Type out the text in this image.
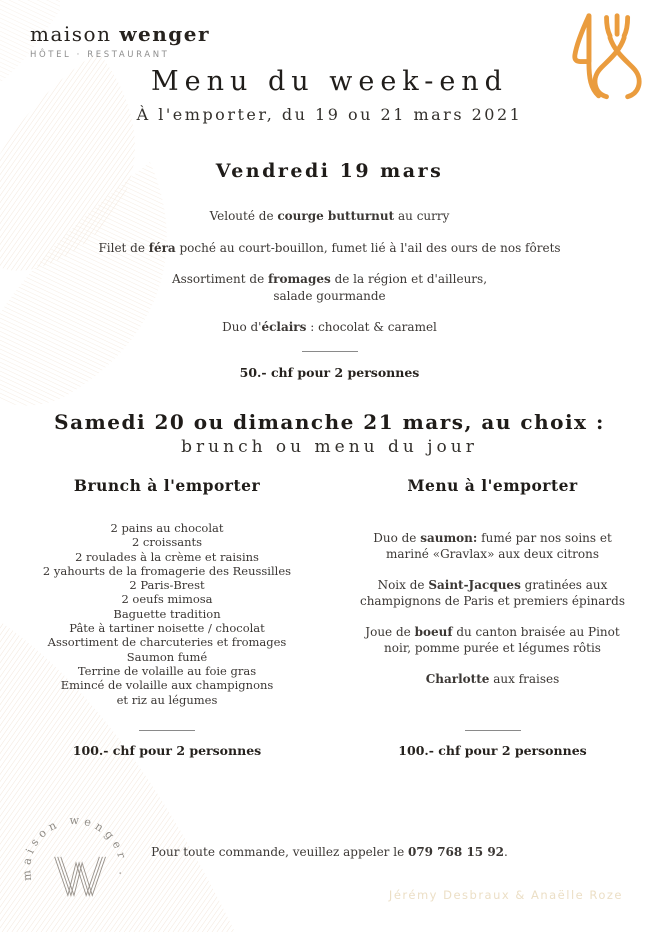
maison wenger
HÔTEL · RESTAURANT
Menu du week-end
À l'emporter, du 19 ou 21 mars 2021
Vendredi 19 mars

Velouté de courge butturnut au curry

Filet de féra poché au court-bouillon, fumet lié à l'ail des ours de nos fôrets

Assortiment de fromages de la région et d'ailleurs,
salade gourmande

Duo d'éclairs : chocolat & caramel

50.- chf pour 2 personnes
Samedi 20 ou dimanche 21 mars, au choix :
brunch ou menu du jour
Brunch à l'emporter
2 pains au chocolat
2 croissants
2 roulades à la crème et raisins
2 yahourts de la fromagerie des Reussilles
2 Paris-Brest
2 oeufs mimosa
Baguette tradition
Pâte à tartiner noisette / chocolat
Assortiment de charcuteries et fromages
Saumon fumé
Terrine de volaille au foie gras
Emincé de volaille aux champignons
et riz au légumes
100.- chf pour 2 personnes
Menu à l'emporter

Duo de saumon: fumé par nos soins et mariné «Gravlax» aux deux citrons

Noix de Saint-Jacques gratinées aux champignons de Paris et premiers épinards

Joue de boeuf du canton braisée au Pinot noir, pomme purée et légumes rôtis

Charlotte aux fraises

100.- chf pour 2 personnes
Pour toute commande, veuillez appeler le 079 768 15 92.
Jérémy Desbraux & Anaëlle Roze
maison wenger .
